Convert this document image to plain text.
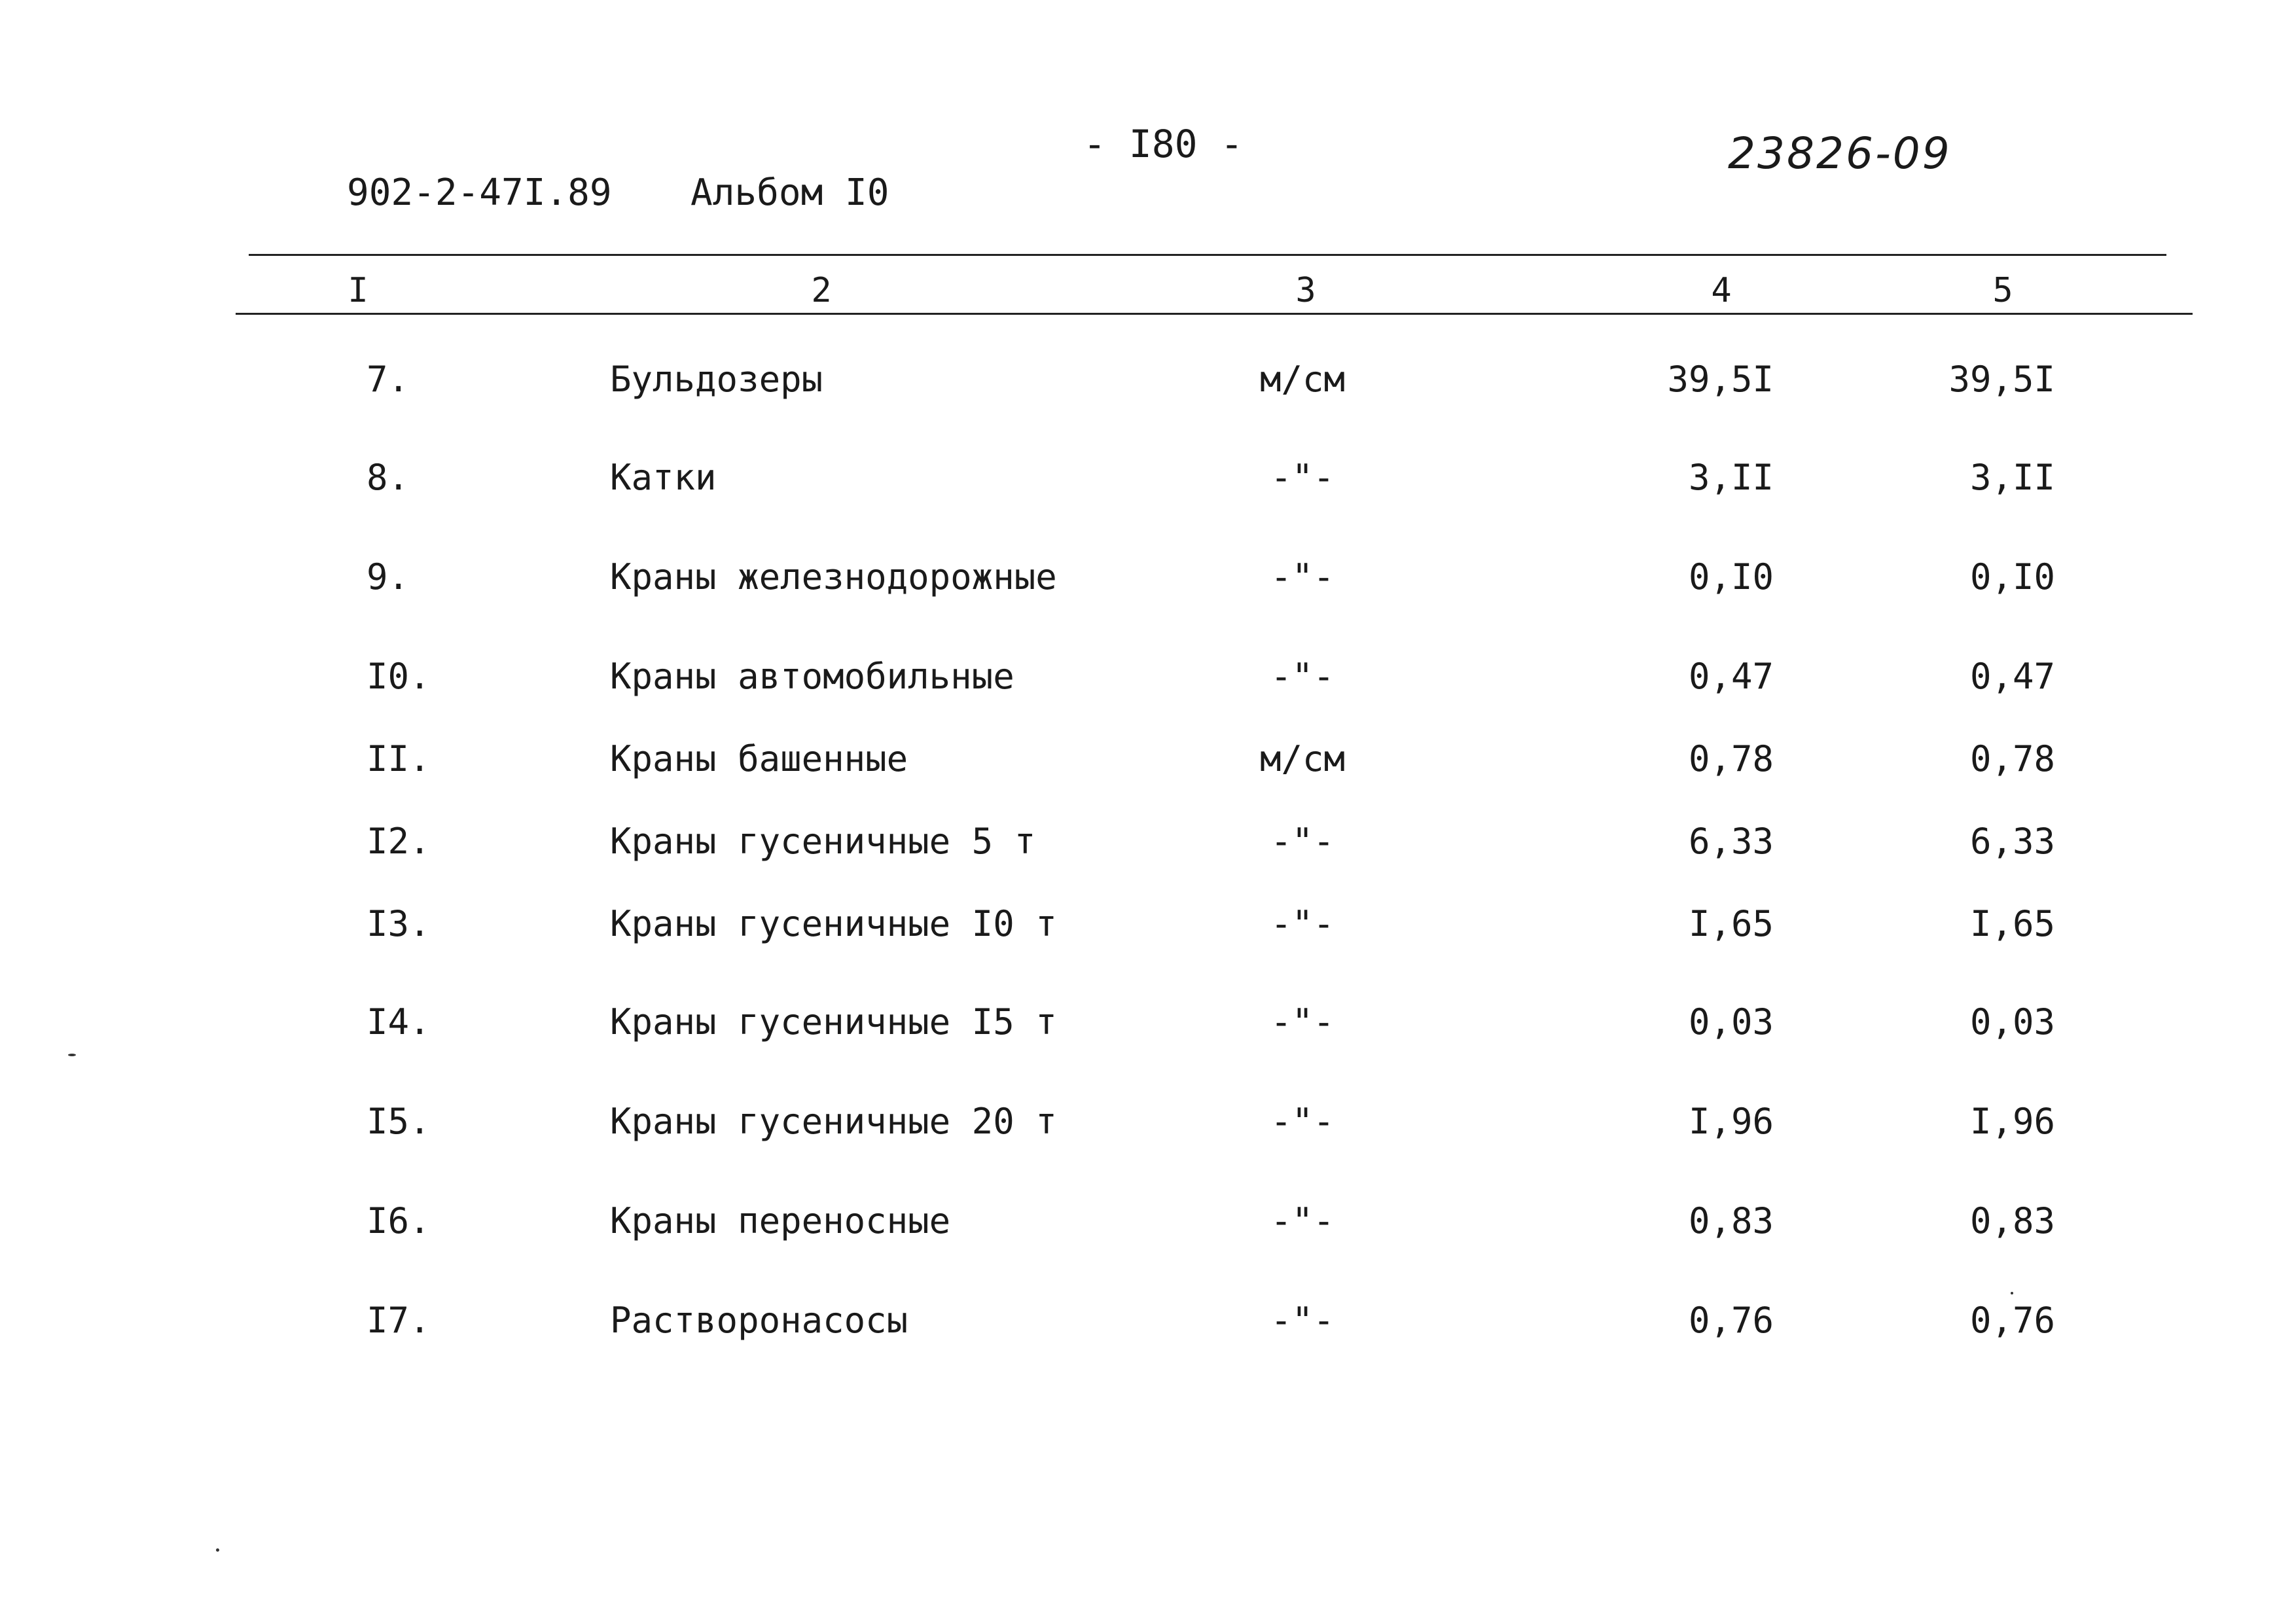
902-2-47I.89 Альбом I0
- I80 -	23826-09
I	2	3	4	5
7.	Бульдозеры	м/см	39,5I	39,5I
8.	Катки	-"-	3,II	3,II
9.	Краны железнодорожные	-"-	0,I0	0,I0
I0.	Краны автомобильные	-"-	0,47	0,47
II.	Краны башенные	м/см	0,78	0,78
I2.	Краны гусеничные 5 т	-"-	6,33	6,33
I3.	Краны гусеничные I0 т	-"-	I,65	I,65
I4.	Краны гусеничные I5 т	-"-	0,03	0,03
I5.	Краны гусеничные 20 т	-"-	I,96	I,96
I6.	Краны переносные	-"-	0,83	0,83
I7.	Растворонасосы	-"-	0,76	0,76
